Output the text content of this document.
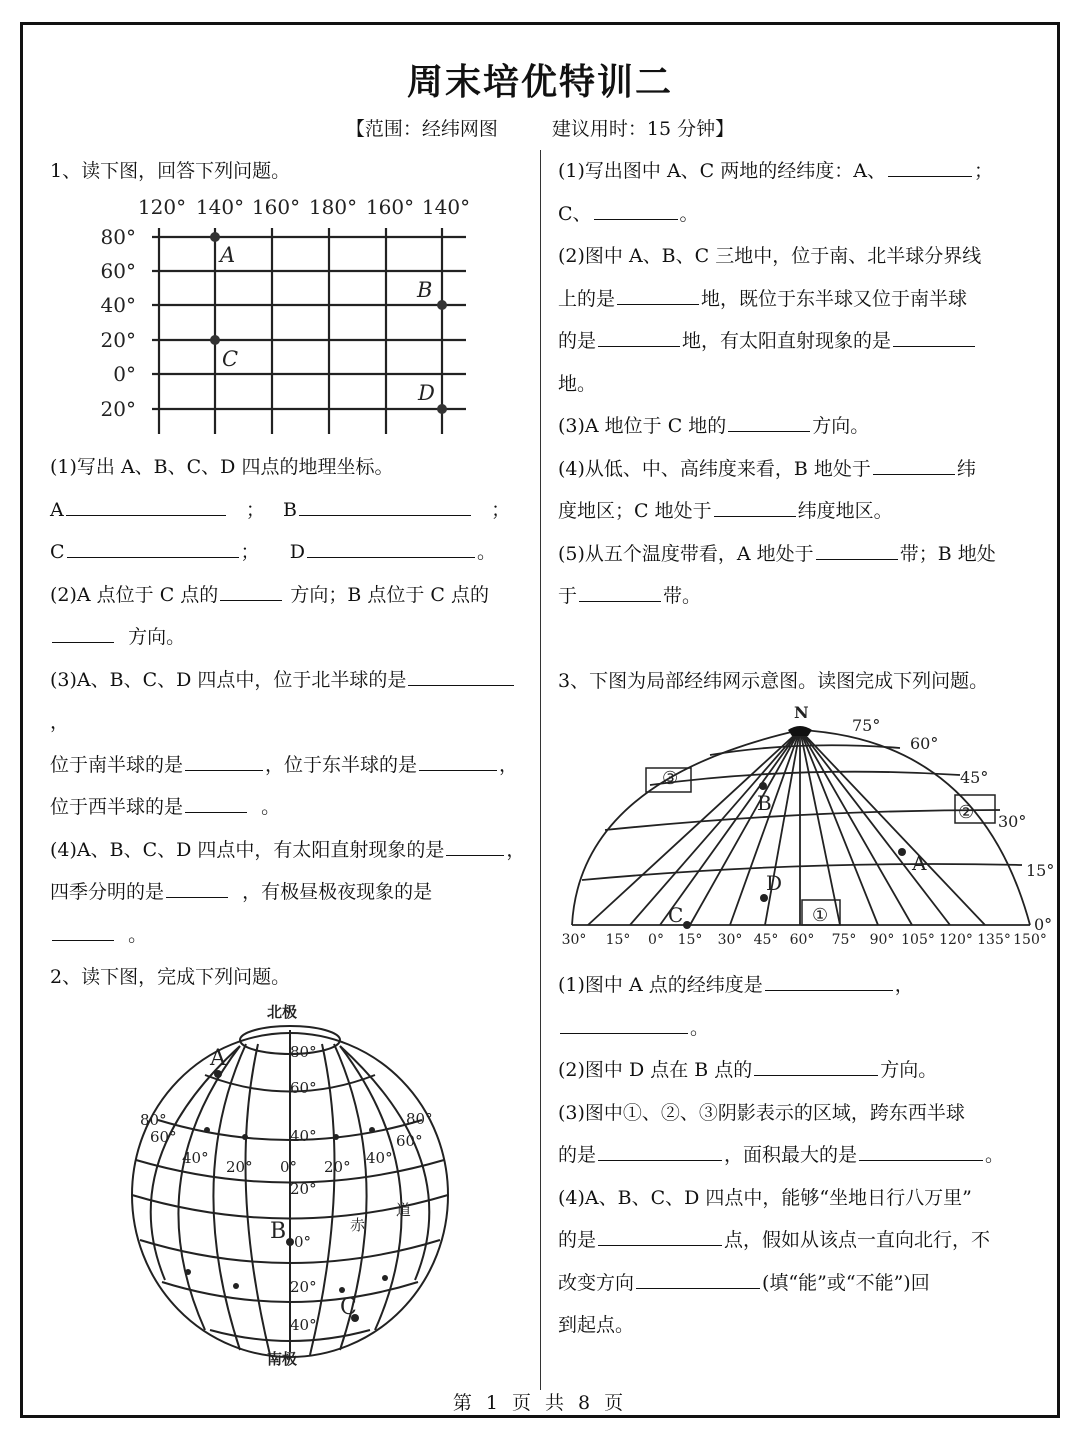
周末培优特训二
【范围：经纬网图	建议用时：15 分钟】

1、读下图，回答下列问题。

120° 140° 160° 180° 160° 140°
80°
60°
40°
20°
0°
20°
A
B
C
D

(1)写出 A、B、C、D 四点的地理坐标。

A	； B	；

C	； D	。

(2)A 点位于 C 点的	方向；B 点位于 C 点的
方向。

(3)A、B、C、D 四点中，位于北半球的是，
位于南半球的是	，位于东半球的是	，
位于西半球的是	。

(4)A、B、C、D 四点中，有太阳直射现象的是	，
四季分明的是	，有极昼极夜现象的是
。

2、读下图，完成下列问题。

北极
南极
80°
60°
40°
20°
0°
20°
40°
80°
60°
40° 20° 0° 20° 40°
60°
80°
赤
道
A
B
C

(1)写出图中 A、C 两地的经纬度：A、	；
C、	。

(2)图中 A、B、C 三地中，位于南、北半球分界线
上的是	地，既位于东半球又位于南半球
的是	地，有太阳直射现象的是
地。

(3)A 地位于 C 地的	方向。

(4)从低、中、高纬度来看，B 地处于	纬
度地区；C 地处于	纬度地区。

(5)从五个温度带看，A 地处于	带；B 地处
于	带。

3、下图为局部经纬网示意图。读图完成下列问题。

N
75°
60°
45°
30°
15°
0°
A
B
C
D
①
②
③
30° 15° 0° 15° 30° 45° 60° 75° 90° 105° 120° 135° 150°

(1)图中 A 点的经纬度是	，
。

(2)图中 D 点在 B 点的	方向。

(3)图中①、②、③阴影表示的区域，跨东西半球
的是	，面积最大的是	。

(4)A、B、C、D 四点中，能够“坐地日行八万里”
的是	点，假如从该点一直向北行，不
改变方向	(填“能”或“不能”)回
到起点。

第 1 页 共 8 页
